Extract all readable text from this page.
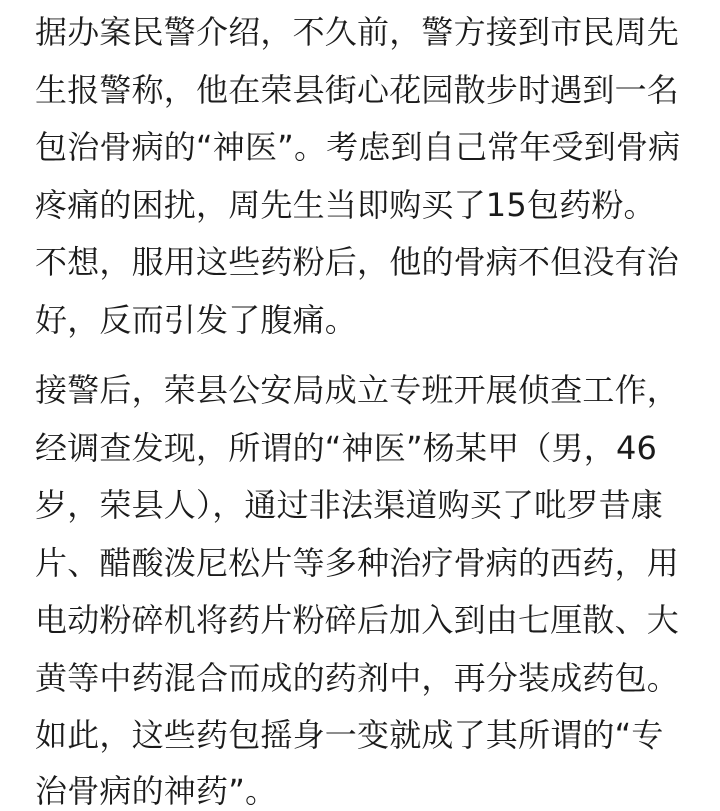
据办案民警介绍，不久前，警方接到市民周先
生报警称，他在荣县街心花园散步时遇到一名
包治骨病的“神医”。考虑到自己常年受到骨病
疼痛的困扰，周先生当即购买了15包药粉。
不想，服用这些药粉后，他的骨病不但没有治
好，反而引发了腹痛。
接警后，荣县公安局成立专班开展侦查工作，
经调查发现，所谓的“神医”杨某甲（男，46
岁，荣县人），通过非法渠道购买了吡罗昔康
片、醋酸泼尼松片等多种治疗骨病的西药，用
电动粉碎机将药片粉碎后加入到由七厘散、大
黄等中药混合而成的药剂中，再分装成药包。
如此，这些药包摇身一变就成了其所谓的“专
治骨病的神药”。
